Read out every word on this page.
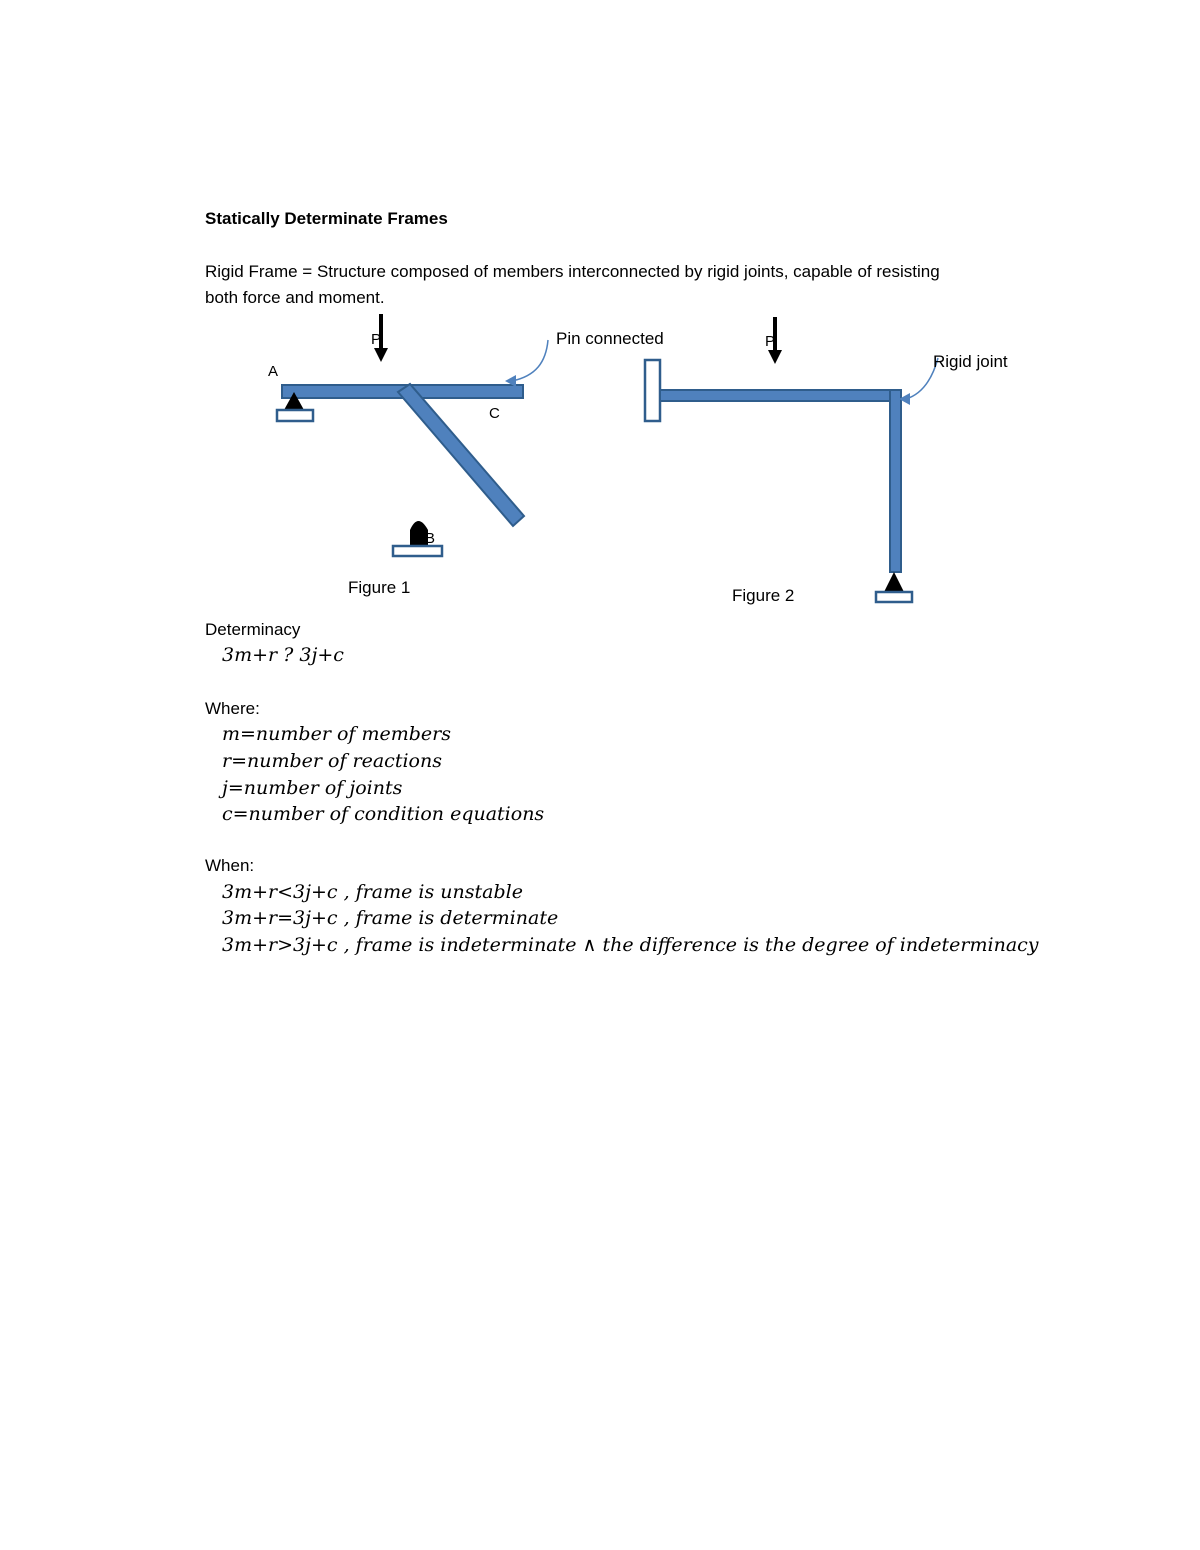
Statically Determinate Frames
Rigid Frame = Structure composed of members interconnected by rigid joints, capable of resisting
both force and moment.
P
A
C
B
Pin connected
Figure 1
P
Rigid joint
Figure 2
Determinacy
3m+r ? 3j+c
Where:
m=number of members
r=number of reactions
j=number of joints
c=number of condition equations
When:
3m+r<3j+c , frame is unstable
3m+r=3j+c , frame is determinate
3m+r>3j+c , frame is indeterminate ∧ the difference is the degree of indeterminacy
